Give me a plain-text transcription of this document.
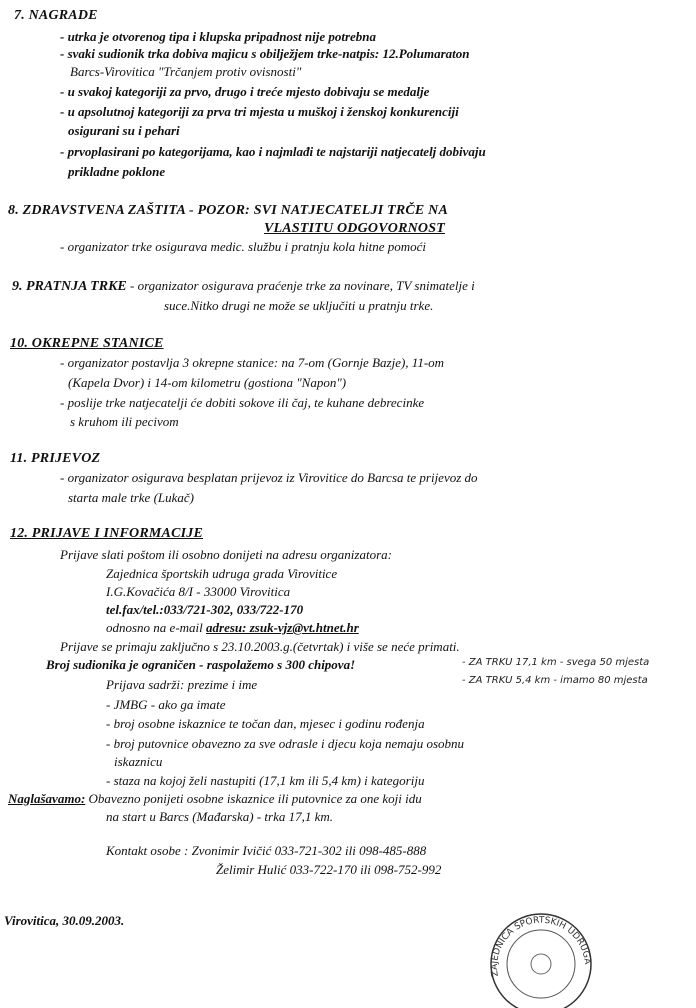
7. NAGRADE
- utrka je otvorenog tipa i klupska pripadnost nije potrebna
- svaki sudionik trka dobiva majicu s obilježjem trke-natpis: 12.Polumaraton
Barcs-Virovitica "Trčanjem protiv ovisnosti"
- u svakoj kategoriji za prvo, drugo i treće mjesto dobivaju se medalje
- u apsolutnoj kategoriji za prva tri mjesta u muškoj i ženskoj konkurenciji
osigurani su i pehari
- prvoplasirani po kategorijama, kao i najmlađi te najstariji natjecatelj dobivaju
prikladne poklone
8. ZDRAVSTVENA ZAŠTITA - POZOR: SVI NATJECATELJI TRČE NA
VLASTITU ODGOVORNOST
- organizator trke osigurava medic. službu i pratnju kola hitne pomoći
9. PRATNJA TRKE - organizator osigurava praćenje trke za novinare, TV snimatelje i
suce.Nitko drugi ne može se uključiti u pratnju trke.
10. OKREPNE STANICE
- organizator postavlja 3 okrepne stanice: na 7-om (Gornje Bazje), 11-om
(Kapela Dvor) i 14-om kilometru (gostiona "Napon")
- poslije trke natjecatelji će dobiti sokove ili čaj, te kuhane debrecinke
s kruhom ili pecivom
11. PRIJEVOZ
- organizator osigurava besplatan prijevoz iz Virovitice do Barcsa te prijevoz do
starta male trke (Lukač)
12. PRIJAVE I INFORMACIJE
Prijave slati poštom ili osobno donijeti na adresu organizatora:
Zajednica športskih udruga grada Virovitice
I.G.Kovačića 8/I - 33000 Virovitica
tel.fax/tel.:033/721-302, 033/722-170
odnosno na e-mail adresu: zsuk-vjz@vt.htnet.hr
Prijave se primaju zaključno s 23.10.2003.g.(četvrtak) i više se neće primati.
Broj sudionika je ograničen - raspolažemo s 300 chipova!	- ZA TRKU 17,1 km - svega 50 mjesta
- ZA TRKU 5,4 km - imamo 80 mjesta
Prijava sadrži: prezime i ime
- JMBG - ako ga imate
- broj osobne iskaznice te točan dan, mjesec i godinu rođenja
- broj putovnice obavezno za sve odrasle i djecu koja nemaju osobnu
iskaznicu
- staza na kojoj želi nastupiti (17,1 km ili 5,4 km) i kategoriju
Naglašavamo: Obavezno ponijeti osobne iskaznice ili putovnice za one koji idu
na start u Barcs (Mađarska) - trka 17,1 km.
Kontakt osobe : Zvonimir Ivičić 033-721-302 ili 098-485-888
Želimir Hulić 033-722-170 ili 098-752-992
Virovitica, 30.09.2003.
ZAJEDNICA ŠPORTSKIH UDRUGA
